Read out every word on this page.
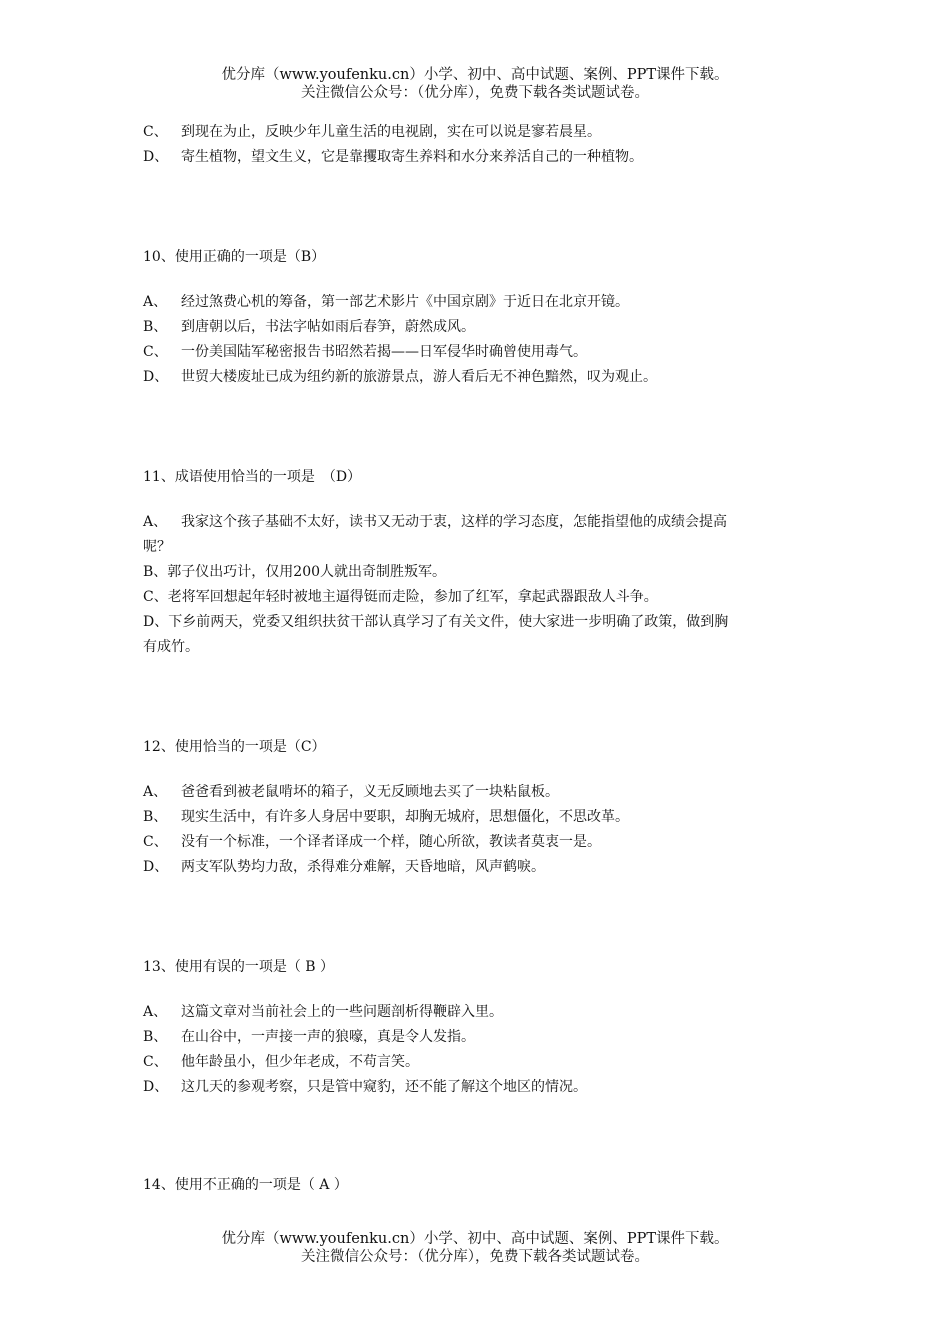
优分库（www.youfenku.cn）小学、初中、高中试题、案例、PPT课件下载。
关注微信公众号：（优分库），免费下载各类试题试卷。
C、 到现在为止，反映少年儿童生活的电视剧，实在可以说是寥若晨星。
D、 寄生植物，望文生义，它是靠攫取寄生养料和水分来养活自己的一种植物。
10、使用正确的一项是（B）
A、 经过煞费心机的筹备，第一部艺术影片《中国京剧》于近日在北京开镜。
B、 到唐朝以后，书法字帖如雨后春笋，蔚然成风。
C、 一份美国陆军秘密报告书昭然若揭——日军侵华时确曾使用毒气。
D、 世贸大楼废址已成为纽约新的旅游景点，游人看后无不神色黯然，叹为观止。
11、成语使用恰当的一项是　（D）
A、 我家这个孩子基础不太好，读书又无动于衷，这样的学习态度，怎能指望他的成绩会提高
呢？
B、郭子仪出巧计，仅用200人就出奇制胜叛军。
C、老将军回想起年轻时被地主逼得铤而走险，参加了红军，拿起武器跟敌人斗争。
D、下乡前两天，党委又组织扶贫干部认真学习了有关文件，使大家进一步明确了政策，做到胸
有成竹。
12、使用恰当的一项是（C）
A、 爸爸看到被老鼠啃坏的箱子，义无反顾地去买了一块粘鼠板。
B、 现实生活中，有许多人身居中要职，却胸无城府，思想僵化，不思改革。
C、 没有一个标准，一个译者译成一个样，随心所欲，教读者莫衷一是。
D、 两支军队势均力敌，杀得难分难解，天昏地暗，风声鹤唳。
13、使用有误的一项是（ B ）
A、 这篇文章对当前社会上的一些问题剖析得鞭辟入里。
B、 在山谷中，一声接一声的狼嚎，真是令人发指。
C、 他年龄虽小，但少年老成，不苟言笑。
D、 这几天的参观考察，只是管中窥豹，还不能了解这个地区的情况。
14、使用不正确的一项是（ A ）
优分库（www.youfenku.cn）小学、初中、高中试题、案例、PPT课件下载。
关注微信公众号：（优分库），免费下载各类试题试卷。
